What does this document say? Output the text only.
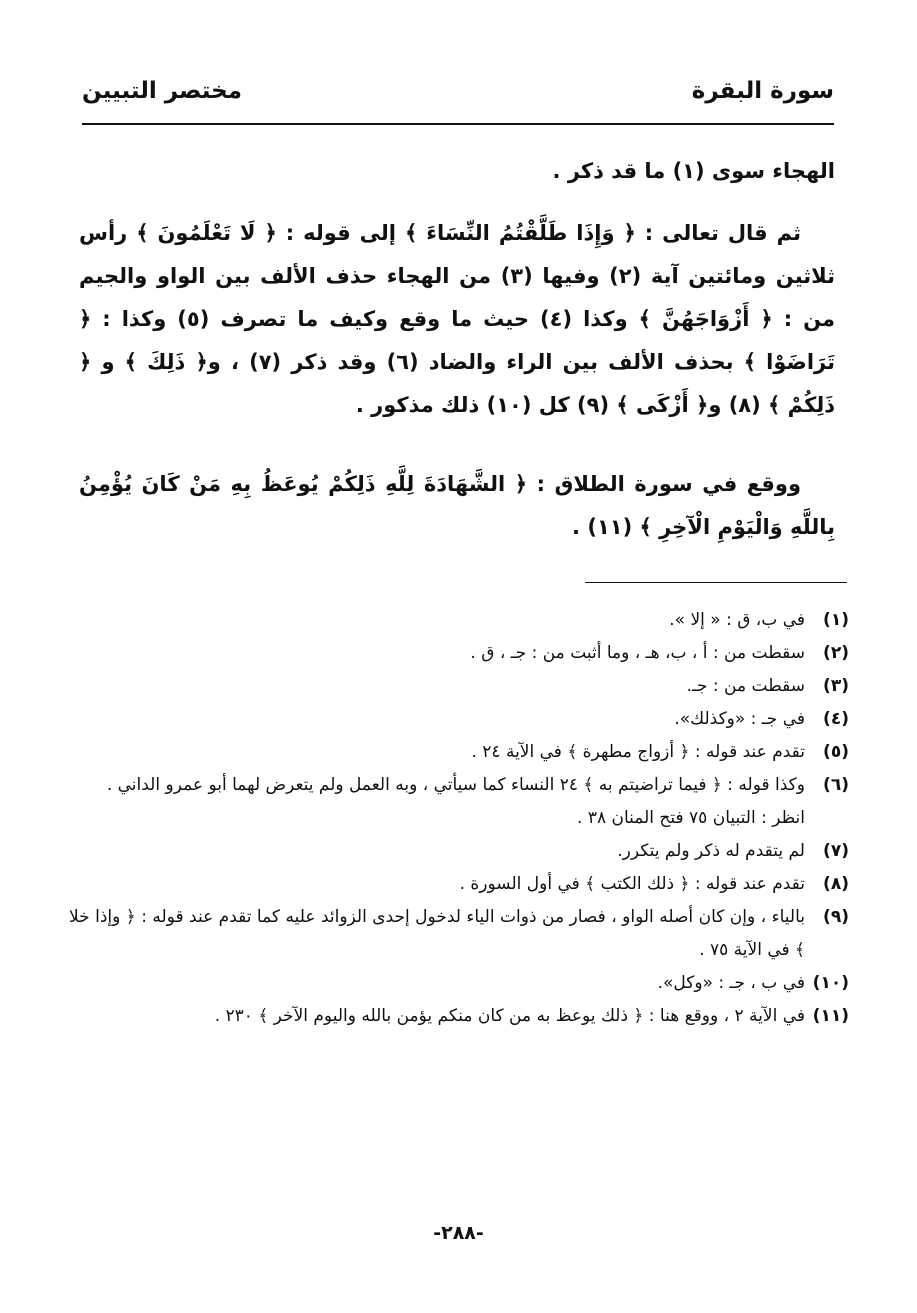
سورة البقرة
مختصر التبيين
الهجاء سوى (١) ما قد ذكر .
ثم قال تعالى : ﴿ وَإِذَا طَلَّقْتُمُ النِّسَاءَ ﴾ إلى قوله : ﴿ لَا تَعْلَمُونَ ﴾ رأس ثلاثين ومائتين آية (٢) وفيها (٣) من الهجاء حذف الألف بين الواو والجيم من : ﴿ أَزْوَاجَهُنَّ ﴾ وكذا (٤) حيث ما وقع وكيف ما تصرف (٥) وكذا : ﴿ تَرَاضَوْا ﴾ بحذف الألف بين الراء والضاد (٦) وقد ذكر (٧) ، و﴿ ذَلِكَ ﴾ و ﴿ ذَلِكُمْ ﴾ (٨) و﴿ أَزْكَى ﴾ (٩) كل (١٠) ذلك مذكور .
ووقع في سورة الطلاق : ﴿ الشَّهَادَةَ لِلَّهِ ذَلِكُمْ يُوعَظُ بِهِ مَنْ كَانَ يُؤْمِنُ بِاللَّهِ وَالْيَوْمِ الْآخِرِ ﴾ (١١) .
(١)
في ب، ق : « إلا ».
(٢)
سقطت من : أ ، ب، هـ ، وما أثبت من : جـ ، ق .
(٣)
سقطت من : جـ.
(٤)
في جـ : «وكذلك».
(٥)
تقدم عند قوله : ﴿ أزواج مطهرة ﴾ في الآية ٢٤ .
(٦)
وكذا قوله : ﴿ فيما تراضيتم به ﴾ ٢٤ النساء كما سيأتي ، وبه العمل ولم يتعرض لهما أبو عمرو الداني .
انظر : التبيان ٧٥ فتح المنان ٣٨ .
(٧)
لم يتقدم له ذكر ولم يتكرر.
(٨)
تقدم عند قوله : ﴿ ذلك الكتب ﴾ في أول السورة .
(٩)
بالياء ، وإن كان أصله الواو ، فصار من ذوات الياء لدخول إحدى الزوائد عليه كما تقدم عند قوله : ﴿ وإذا خلا ﴾ في الآية ٧٥ .
(١٠)
في ب ، جـ : «وكل».
(١١)
في الآية ٢ ، ووقع هنا : ﴿ ذلك يوعظ به من كان منكم يؤمن بالله واليوم الآخر ﴾ ٢٣٠ .
-٢٨٨-
